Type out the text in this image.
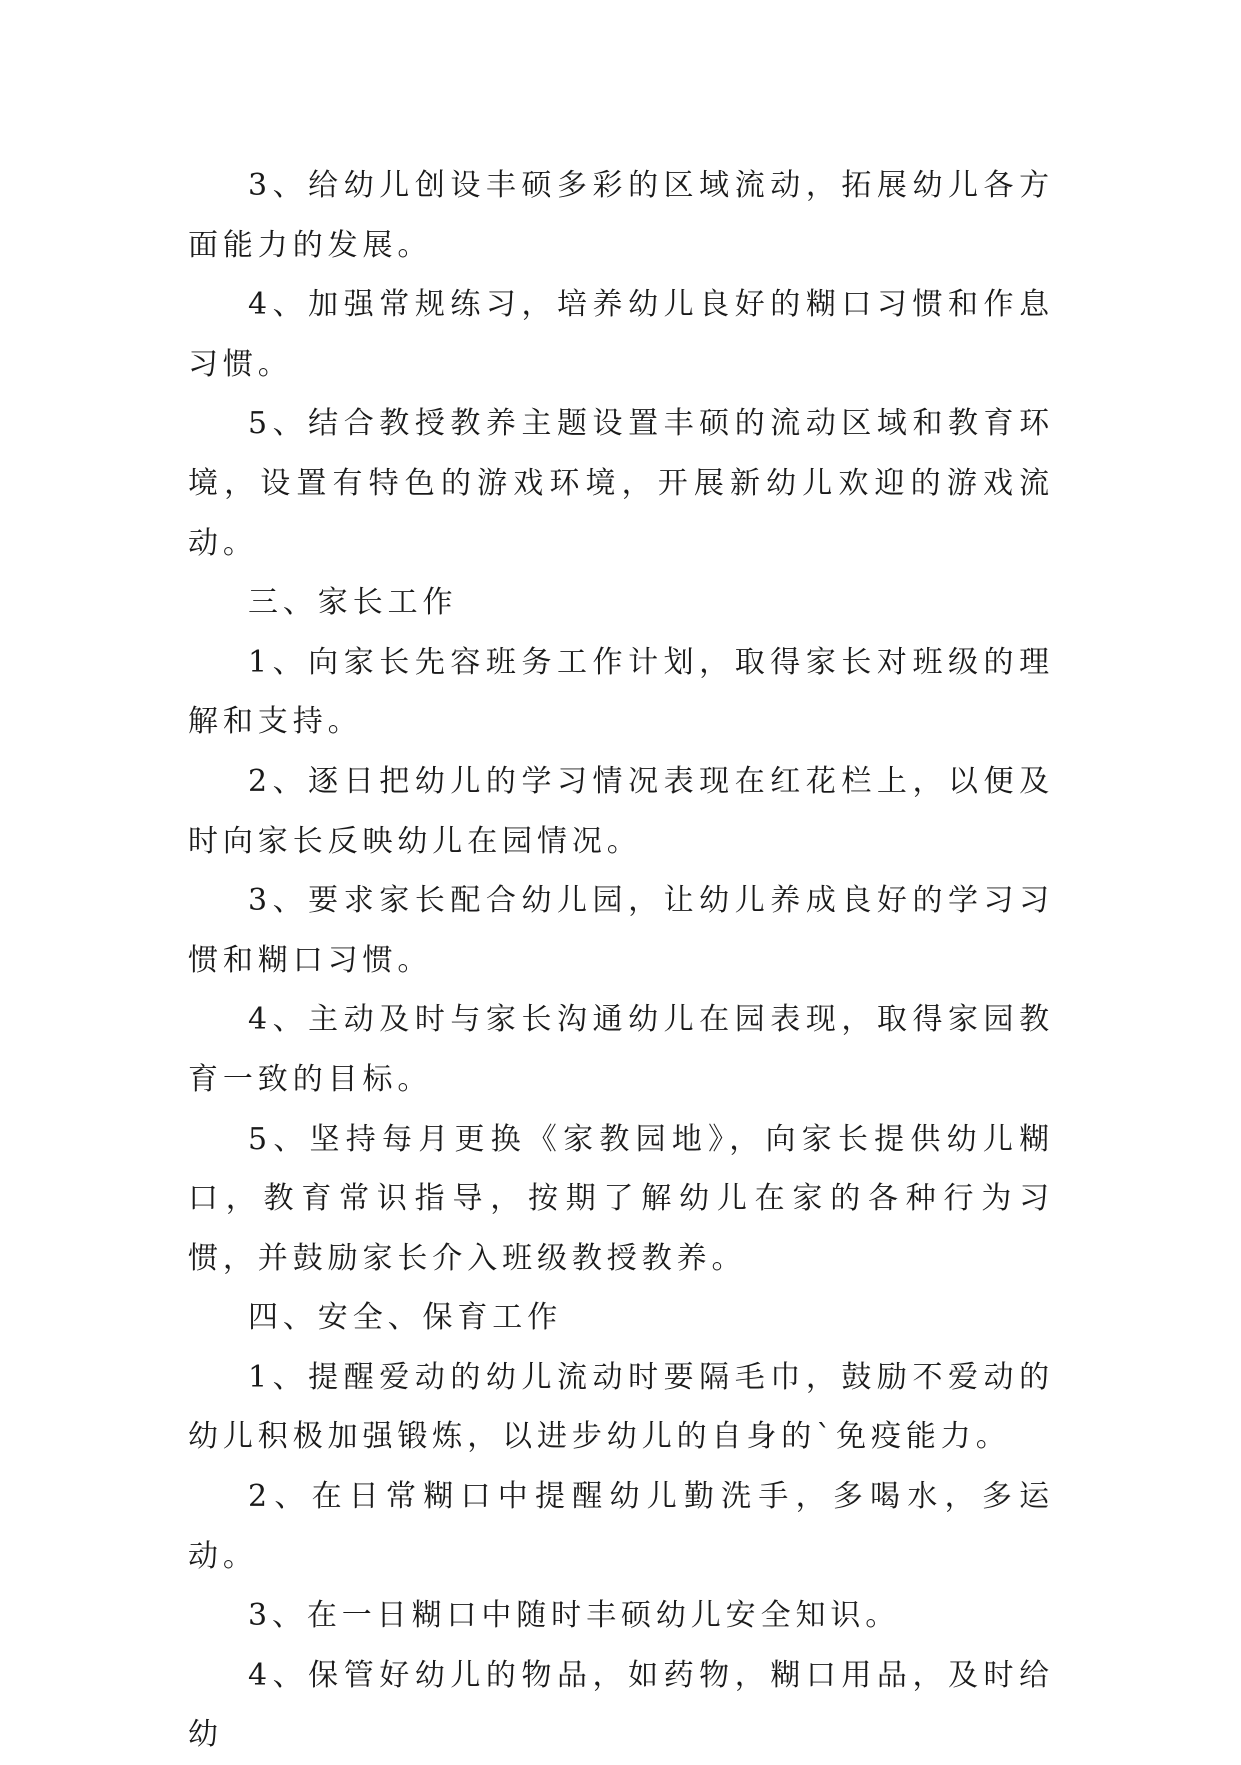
3、给幼儿创设丰硕多彩的区域流动，拓展幼儿各方面能力的发展。

4、加强常规练习，培养幼儿良好的糊口习惯和作息习惯。

5、结合教授教养主题设置丰硕的流动区域和教育环境，设置有特色的游戏环境，开展新幼儿欢迎的游戏流动。

三、家长工作

1、向家长先容班务工作计划，取得家长对班级的理解和支持。

2、逐日把幼儿的学习情况表现在红花栏上，以便及时向家长反映幼儿在园情况。

3、要求家长配合幼儿园，让幼儿养成良好的学习习惯和糊口习惯。

4、主动及时与家长沟通幼儿在园表现，取得家园教育一致的目标。

5、坚持每月更换《家教园地》，向家长提供幼儿糊口，教育常识指导，按期了解幼儿在家的各种行为习惯，并鼓励家长介入班级教授教养。

四、安全、保育工作

1、提醒爱动的幼儿流动时要隔毛巾，鼓励不爱动的幼儿积极加强锻炼，以进步幼儿的自身的`免疫能力。

2、在日常糊口中提醒幼儿勤洗手，多喝水，多运动。

3、在一日糊口中随时丰硕幼儿安全知识。

4、保管好幼儿的物品，如药物，糊口用品，及时给幼
